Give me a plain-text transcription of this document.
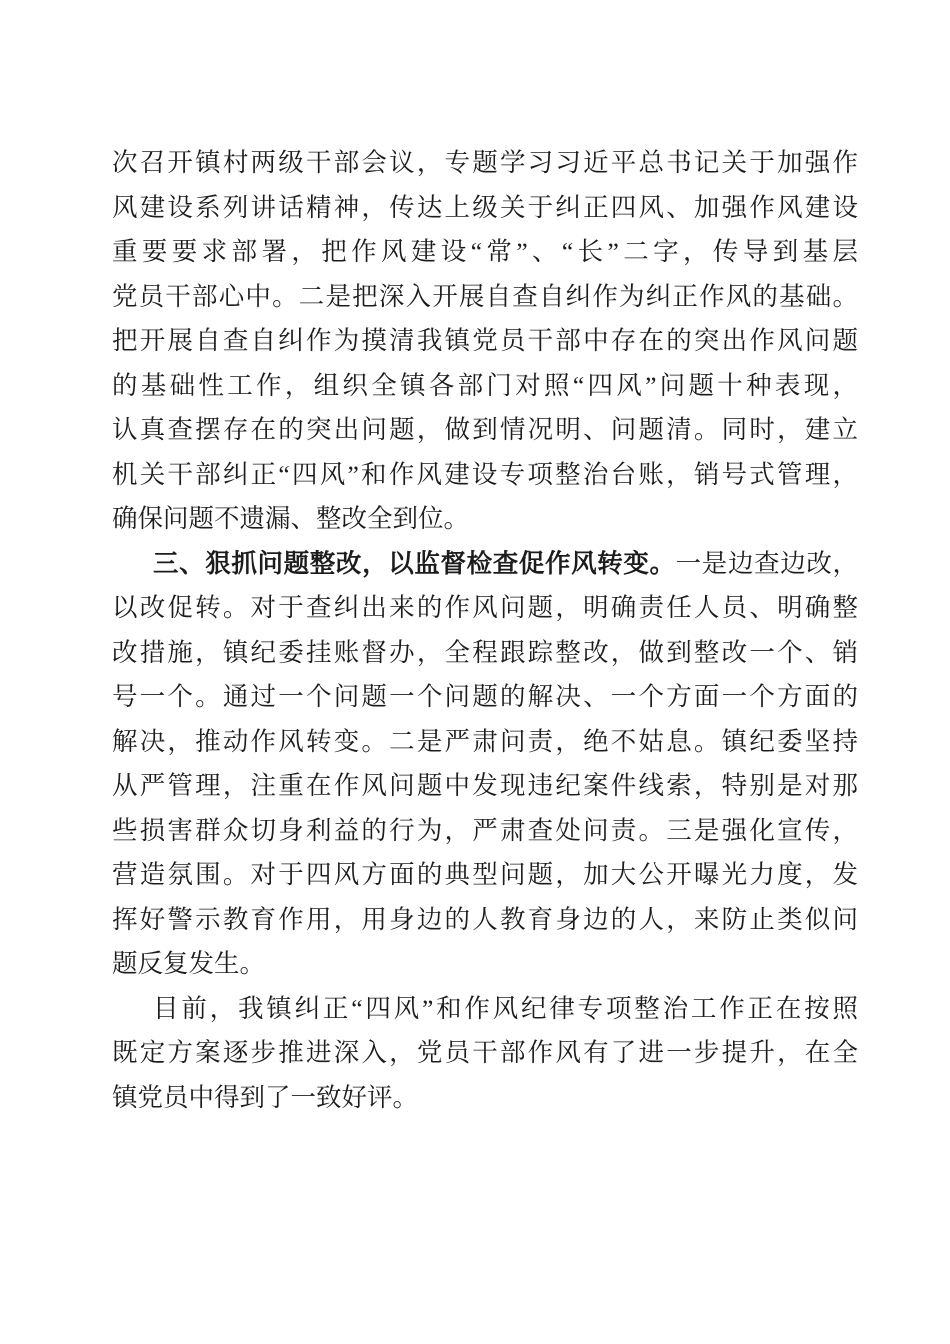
次召开镇村两级干部会议，专题学习习近平总书记关于加强作
风建设系列讲话精神，传达上级关于纠正四风、加强作风建设
重要要求部署，把作风建设“常”、“长”二字，传导到基层
党员干部心中。二是把深入开展自查自纠作为纠正作风的基础。
把开展自查自纠作为摸清我镇党员干部中存在的突出作风问题
的基础性工作，组织全镇各部门对照“四风”问题十种表现，
认真查摆存在的突出问题，做到情况明、问题清。同时，建立
机关干部纠正“四风”和作风建设专项整治台账，销号式管理，
确保问题不遗漏、整改全到位。
三、狠抓问题整改，以监督检查促作风转变。一是边查边改，
以改促转。对于查纠出来的作风问题，明确责任人员、明确整
改措施，镇纪委挂账督办，全程跟踪整改，做到整改一个、销
号一个。通过一个问题一个问题的解决、一个方面一个方面的
解决，推动作风转变。二是严肃问责，绝不姑息。镇纪委坚持
从严管理，注重在作风问题中发现违纪案件线索，特别是对那
些损害群众切身利益的行为，严肃查处问责。三是强化宣传，
营造氛围。对于四风方面的典型问题，加大公开曝光力度，发
挥好警示教育作用，用身边的人教育身边的人，来防止类似问
题反复发生。
目前，我镇纠正“四风”和作风纪律专项整治工作正在按照
既定方案逐步推进深入，党员干部作风有了进一步提升，在全
镇党员中得到了一致好评。
